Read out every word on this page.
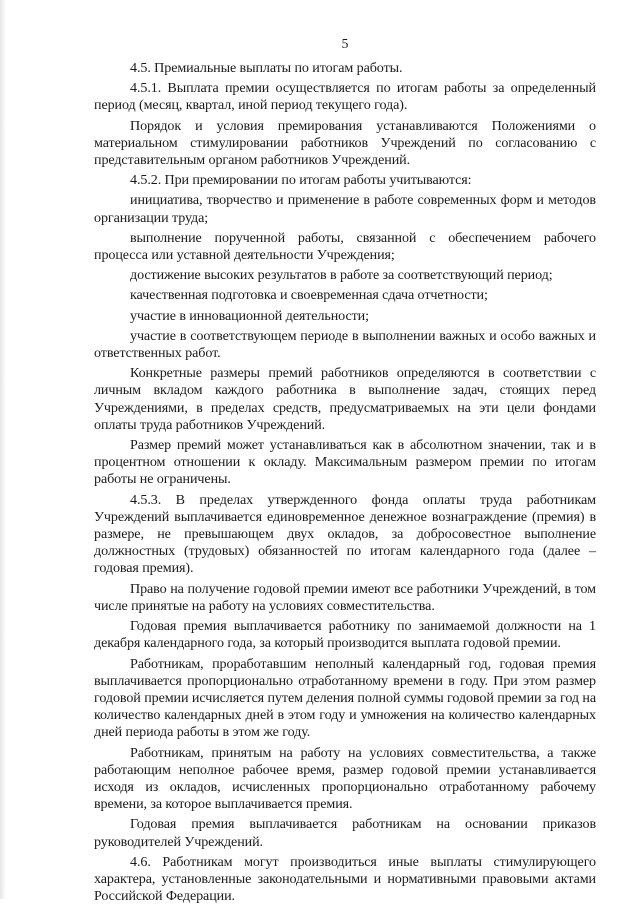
5

4.5. Премиальные выплаты по итогам работы.

4.5.1. Выплата премии осуществляется по итогам работы за определенный период (месяц, квартал, иной период текущего года).

Порядок и условия премирования устанавливаются Положениями о материальном стимулировании работников Учреждений по согласованию с представительным органом работников Учреждений.

4.5.2. При премировании по итогам работы учитываются:

инициатива, творчество и применение в работе современных форм и методов организации труда;

выполнение порученной работы, связанной с обеспечением рабочего процесса или уставной деятельности Учреждения;

достижение высоких результатов в работе за соответствующий период;

качественная подготовка и своевременная сдача отчетности;

участие в инновационной деятельности;

участие в соответствующем периоде в выполнении важных и особо важных и ответственных работ.

Конкретные размеры премий работников определяются в соответствии с личным вкладом каждого работника в выполнение задач, стоящих перед Учреждениями, в пределах средств, предусматриваемых на эти цели фондами оплаты труда работников Учреждений.

Размер премий может устанавливаться как в абсолютном значении, так и в процентном отношении к окладу. Максимальным размером премии по итогам работы не ограничены.

4.5.3. В пределах утвержденного фонда оплаты труда работникам Учреждений выплачивается единовременное денежное вознаграждение (премия) в размере, не превышающем двух окладов, за добросовестное выполнение должностных (трудовых) обязанностей по итогам календарного года (далее – годовая премия).

Право на получение годовой премии имеют все работники Учреждений, в том числе принятые на работу на условиях совместительства.

Годовая премия выплачивается работнику по занимаемой должности на 1 декабря календарного года, за который производится выплата годовой премии.

Работникам, проработавшим неполный календарный год, годовая премия выплачивается пропорционально отработанному времени в году. При этом размер годовой премии исчисляется путем деления полной суммы годовой премии за год на количество календарных дней в этом году и умножения на количество календарных дней периода работы в этом же году.

Работникам, принятым на работу на условиях совместительства, а также работающим неполное рабочее время, размер годовой премии устанавливается исходя из окладов, исчисленных пропорционально отработанному рабочему времени, за которое выплачивается премия.

Годовая премия выплачивается работникам на основании приказов руководителей Учреждений.

4.6. Работникам могут производиться иные выплаты стимулирующего характера, установленные законодательными и нормативными правовыми актами Российской Федерации.
